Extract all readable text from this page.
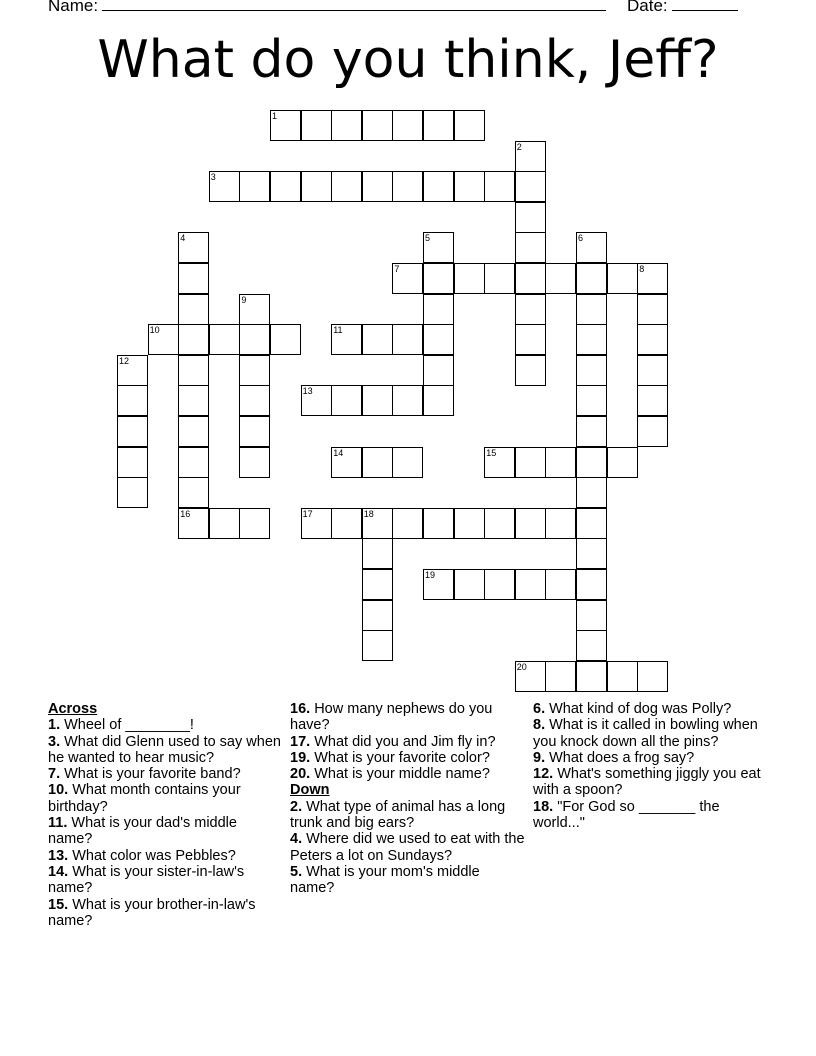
Name:	Date:
What do you think, Jeff?
1
2
3
4	5	6
7	8
9
10	11
12
13
14	15
16	17	18
19
20
Across
1. Wheel of ________!
3. What did Glenn used to say when he wanted to hear music?
7. What is your favorite band?
10. What month contains your birthday?
11. What is your dad's middle name?
13. What color was Pebbles?
14. What is your sister-in-law's name?
15. What is your brother-in-law's name?
16. How many nephews do you have?
17. What did you and Jim fly in?
19. What is your favorite color?
20. What is your middle name?
Down
2. What type of animal has a long trunk and big ears?
4. Where did we used to eat with the Peters a lot on Sundays?
5. What is your mom's middle name?
6. What kind of dog was Polly?
8. What is it called in bowling when you knock down all the pins?
9. What does a frog say?
12. What's something jiggly you eat with a spoon?
18. "For God so _______ the world..."
